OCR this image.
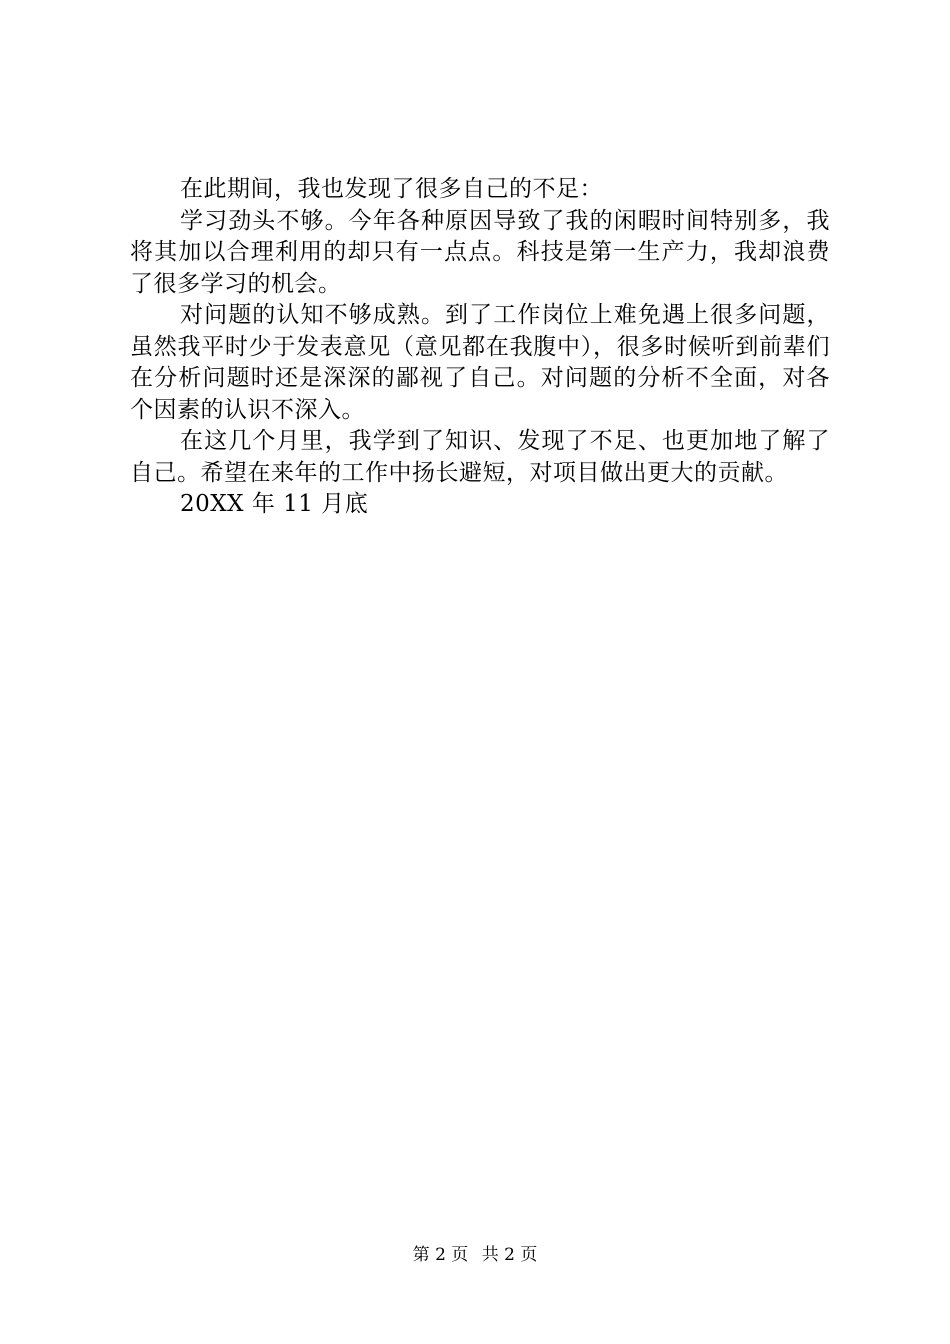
在此期间，我也发现了很多自己的不足：

学习劲头不够。今年各种原因导致了我的闲暇时间特别多，我将其加以合理利用的却只有一点点。科技是第一生产力，我却浪费了很多学习的机会。

对问题的认知不够成熟。到了工作岗位上难免遇上很多问题，虽然我平时少于发表意见（意见都在我腹中），很多时候听到前辈们在分析问题时还是深深的鄙视了自己。对问题的分析不全面，对各个因素的认识不深入。

在这几个月里，我学到了知识、发现了不足、也更加地了解了自己。希望在来年的工作中扬长避短，对项目做出更大的贡献。

20XX 年 11 月底

第 2 页 共 2 页
